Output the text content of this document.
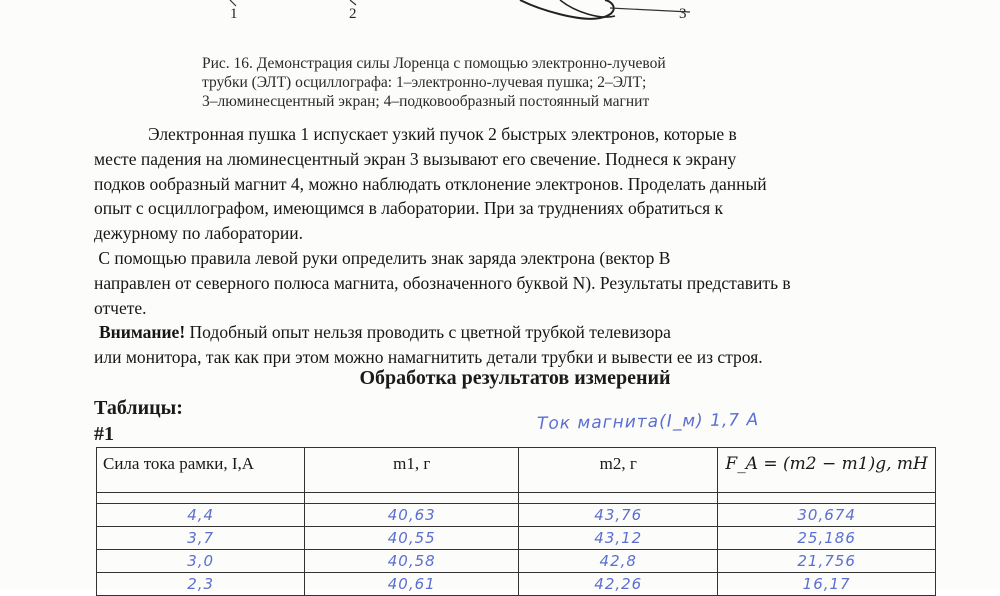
1	2	3
Рис. 16. Демонстрация силы Лоренца с помощью электронно-лучевой
трубки (ЭЛТ) осциллографа: 1–электронно-лучевая пушка; 2–ЭЛТ;
3–люминесцентный экран; 4–подковообразный постоянный магнит
Электронная пушка 1 испускает узкий пучок 2 быстрых электронов, которые в
месте падения на люминесцентный экран 3 вызывают его свечение. Поднеся к экрану
подков ообразный магнит 4, можно наблюдать отклонение электронов. Проделать данный
опыт с осциллографом, имеющимся в лаборатории. При за труднениях обратиться к
дежурному по лаборатории.
С помощью правила левой руки определить знак заряда электрона (вектор В
направлен от северного полюса магнита, обозначенного буквой N). Результаты представить в
отчете.
Внимание! Подобный опыт нельзя проводить с цветной трубкой телевизора
или монитора, так как при этом можно намагнитить детали трубки и вывести ее из строя.
Обработка результатов измерений
Таблицы:
#1
Ток магнита(I_м) 1,7 А
Сила тока рамки, I,А	m1, г	m2, г	F_A = (m2 − m1)g, mH

4,4	40,63	43,76	30,674
3,7	40,55	43,12	25,186
3,0	40,58	42,8	21,756
2,3	40,61	42,26	16,17
